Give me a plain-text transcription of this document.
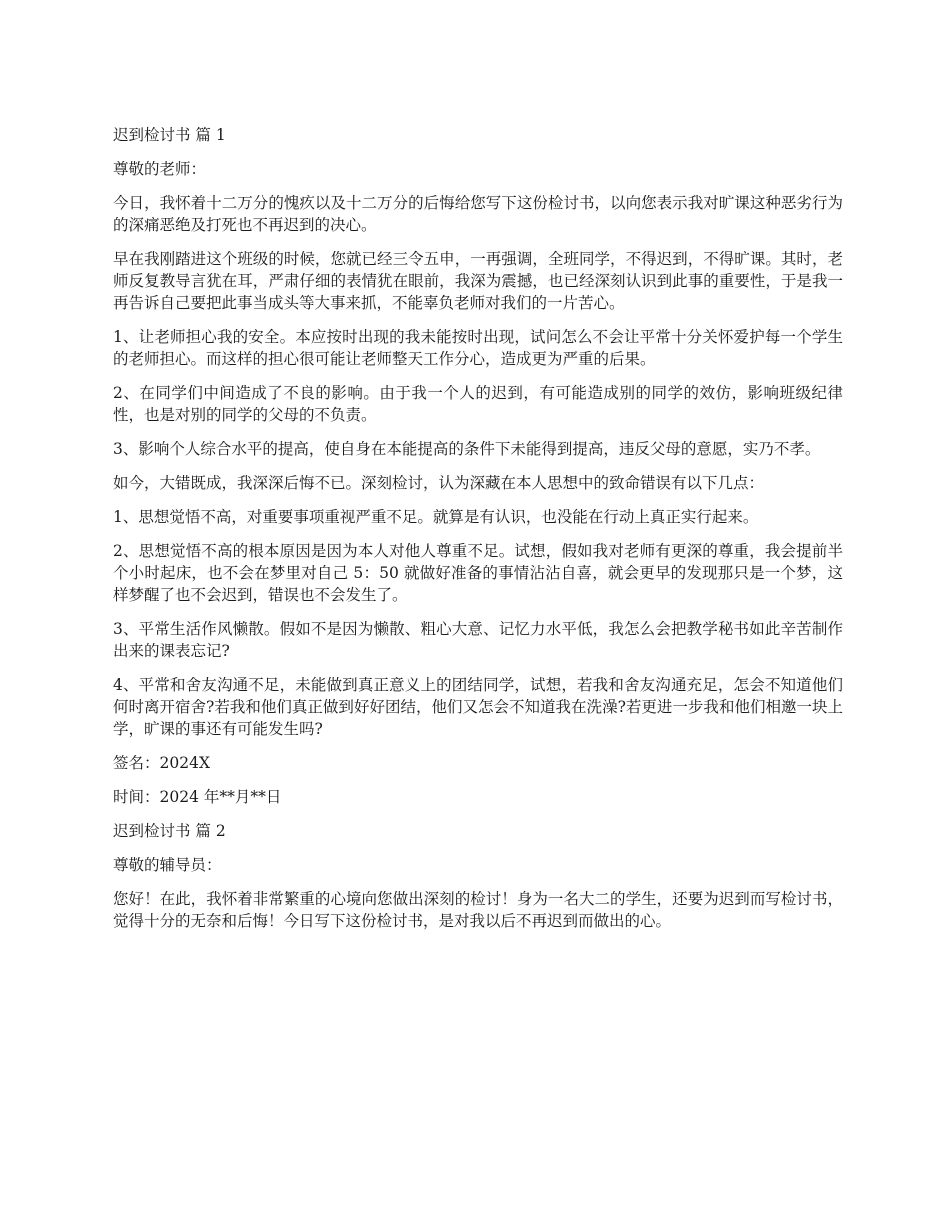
迟到检讨书 篇 1

尊敬的老师：

今日，我怀着十二万分的愧疚以及十二万分的后悔给您写下这份检讨书，以向您表示我对旷课这种恶劣行为的深痛恶绝及打死也不再迟到的决心。

早在我刚踏进这个班级的时候，您就已经三令五申，一再强调，全班同学，不得迟到，不得旷课。其时，老师反复教导言犹在耳，严肃仔细的表情犹在眼前，我深为震撼，也已经深刻认识到此事的重要性，于是我一再告诉自己要把此事当成头等大事来抓，不能辜负老师对我们的一片苦心。

1、让老师担心我的安全。本应按时出现的我未能按时出现，试问怎么不会让平常十分关怀爱护每一个学生的老师担心。而这样的担心很可能让老师整天工作分心，造成更为严重的后果。

2、在同学们中间造成了不良的影响。由于我一个人的迟到，有可能造成别的同学的效仿，影响班级纪律性，也是对别的同学的父母的不负责。

3、影响个人综合水平的提高，使自身在本能提高的条件下未能得到提高，违反父母的意愿，实乃不孝。

如今，大错既成，我深深后悔不已。深刻检讨，认为深藏在本人思想中的致命错误有以下几点：

1、思想觉悟不高，对重要事项重视严重不足。就算是有认识，也没能在行动上真正实行起来。

2、思想觉悟不高的根本原因是因为本人对他人尊重不足。试想，假如我对老师有更深的尊重，我会提前半个小时起床，也不会在梦里对自己 5：50 就做好准备的事情沾沾自喜，就会更早的发现那只是一个梦，这样梦醒了也不会迟到，错误也不会发生了。

3、平常生活作风懒散。假如不是因为懒散、粗心大意、记忆力水平低，我怎么会把教学秘书如此辛苦制作出来的课表忘记?

4、平常和舍友沟通不足，未能做到真正意义上的团结同学，试想，若我和舍友沟通充足，怎会不知道他们何时离开宿舍?若我和他们真正做到好好团结，他们又怎会不知道我在洗澡?若更进一步我和他们相邀一块上学，旷课的事还有可能发生吗?

签名：2024X

时间：2024 年**月**日

迟到检讨书 篇 2

尊敬的辅导员：

您好！在此，我怀着非常繁重的心境向您做出深刻的检讨！身为一名大二的学生，还要为迟到而写检讨书，觉得十分的无奈和后悔！今日写下这份检讨书，是对我以后不再迟到而做出的心。
